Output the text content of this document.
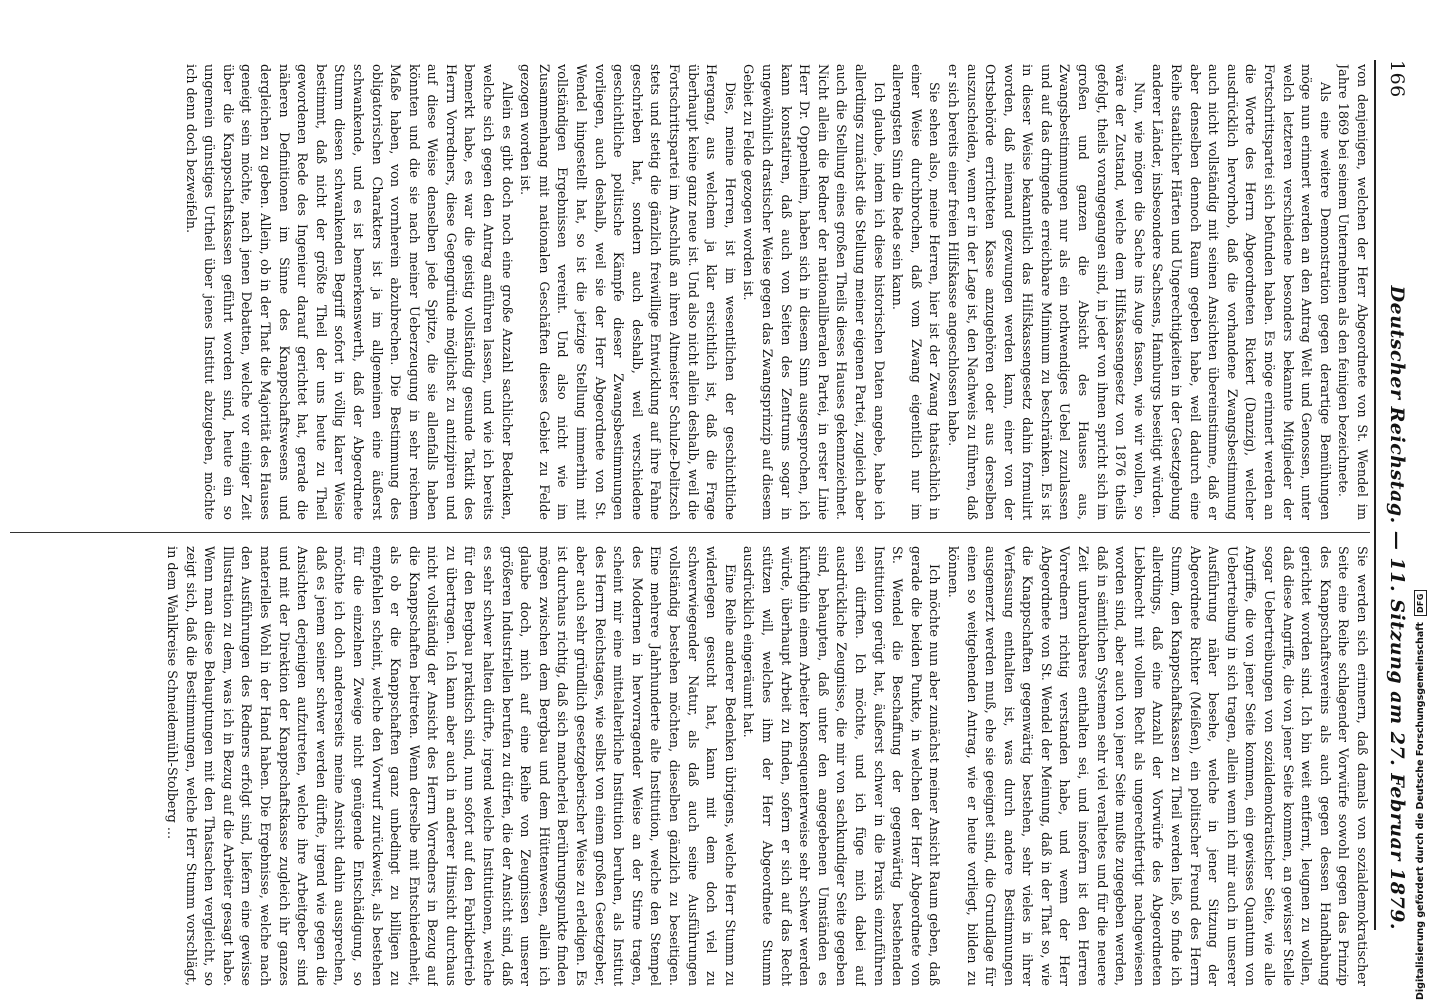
166
Deutscher Reichstag. — 11. Sitzung am 27. Februar 1879.

von denjenigen, welchen der Herr Abgeordnete von St. Wendel im Jahre 1869 bei seinem Unternehmen als den feinigen bezeichnete.

Als eine weitere Demonstration gegen derartige Bemühungen möge nun erinnert werden an den Antrag Welt und Genossen, unter welch letzteren verschiedene besonders bekannte Mitglieder der Fortschrittspartei sich befunden haben. Es möge erinnert werden an die Worte des Herrn Abgeordneten Rickert (Danzig), welcher ausdrücklich hervorhob, daß die vorhandene Zwangsbestimmung auch nicht vollständig mit seinen Ansichten übereinstimme, daß er aber denselben dennoch Raum gegeben habe, weil dadurch eine Reihe staatlicher Härten und Ungerechtigkeiten in der Gesetzgebung anderer Länder, insbesondere Sachsens, Hamburgs beseitigt würden.

Nun, wie mögen die Sache ins Auge fassen, wie wir wollen, so wäre der Zustand, welche dem Hilfskassengesetz von 1876 theils gefolgt, theils vorangegangen sind, in jeder von ihnen spricht sich im großen und ganzen die Absicht des Hauses aus, Zwangsbestimmungen nur als ein nothwendiges Uebel zuzulassen und auf das dringende erreichbare Minimum zu beschränken. Es ist in dieser Weise bekanntlich das Hilfskassengesetz dahin formulirt worden, daß niemand gezwungen werden kann, einer von der Ortsbehörde errichteten Kasse anzugehören oder aus derselben auszuscheiden, wenn er in der Lage ist, den Nachweis zu führen, daß er sich bereits einer freien Hilfskasse angeschlossen habe.

Sie sehen also, meine Herren, hier ist der Zwang thatsächlich in einer Weise durchbrochen, daß vom Zwang eigentlich nur im allerengsten Sinn die Rede sein kann.

Ich glaube, indem ich diese historischen Daten angebe, habe ich allerdings zunächst die Stellung meiner eigenen Partei, zugleich aber auch die Stellung eines großen Theils dieses Hauses gekennzeichnet. Nicht allein die Redner der nationalliberalen Partei, in erster Linie Herr Dr. Oppenheim, haben sich in diesem Sinn ausgesprochen, ich kann konstatiren, daß auch von Seiten des Zentrums sogar in ungewöhnlich drastischer Weise gegen das Zwangsprinzip auf diesem Gebiet zu Felde gezogen worden ist.

Dies, meine Herren, ist im wesentlichen der geschichtliche Hergang, aus welchem ja klar ersichtlich ist, daß die Frage überhaupt keine ganz neue ist. Und also nicht allein deshalb, weil die Fortschrittspartei im Anschluß an ihren Altmeister Schulze-Delitzsch stets und stetig die gänzlich freiwillige Entwicklung auf ihre Fahne geschrieben hat, sondern auch deshalb, weil verschiedene geschichtliche politische Kämpfe dieser Zwangsbestimmungen vorliegen, auch deshalb, weil sie der Herr Abgeordnete von St. Wendel hingestellt hat, so ist die jetzige Stellung immerhin mit vollständigen Ergebnissen vereint. Und also nicht wie im Zusammenhang mit nationalen Geschäften dieses Gebiet zu Felde gezogen worden ist.

Allein es gibt doch noch eine große Anzahl sachlicher Bedenken, welche sich gegen den Antrag anführen lassen, und wie ich bereits bemerkt habe, es war die geistig vollständig gesunde Taktik des Herrn Vorredners, diese Gegengründe möglichst zu antizipiren und auf diese Weise denselben jede Spitze, die sie allenfalls haben könnten und die sie nach meiner Ueberzeugung in sehr reichem Maße haben, von vornherein abzubrechen. Die Bestimmung des obligatorischen Charakters ist ja im allgemeinen eine äußerst schwankende, und es ist bemerkenswerth, daß der Abgeordnete Stumm diesen schwankenden Begriff sofort in völlig klarer Weise bestimmt, daß nicht der größte Theil der uns heute zu Theil gewordenen Rede des Ingenieur darauf gerichtet hat, gerade die näheren Definitionen im Sinne des Knappschaftswesens und dergleichen zu geben. Allein, ob in der That die Majorität des Hauses geneigt sein möchte, nach jenen Debatten, welche vor einiger Zeit über die Knappschaftskassen geführt worden sind, heute ein so ungemein günstiges Urtheil über jenes Institut abzugeben, möchte ich denn doch bezweifeln.

Sie werden sich erinnern, daß damals von sozialdemokratischer Seite eine Reihe schlagender Vorwürfe sowohl gegen das Prinzip des Knappschaftsvereins als auch gegen dessen Handhabung gerichtet worden sind. Ich bin weit entfernt, leugnen zu wollen, daß diese Angriffe, die von jener Seite kommen, an gewisser Stelle sogar Uebertreibungen von sozialdemokratischer Seite, wie alle Angriffe, die von jener Seite kommen, ein gewisses Quantum von Uebertreibung in sich tragen, allein wenn ich mir auch in unserer Ausführung näher besehe, welche in jener Sitzung der Abgeordnete Richter (Meißen), ein politischer Freund des Herrn Stumm, den Knappschaftskassen zu Theil werden ließ, so finde ich allerdings, daß eine Anzahl der Vorwürfe des Abgeordneten Liebknecht mit vollem Recht als ungerechtfertigt nachgewiesen worden sind, aber auch von jener Seite mußte zugegeben werden, daß in sämtlichen Systemen sehr viel veraltetes und für die neuere Zeit unbrauchbares enthalten sei, und insofern ist den Herren Vorrednern richtig verstanden habe, und wenn der Herr Abgeordnete von St. Wendel der Meinung, daß in der That so, wie die Knappschaften gegenwärtig bestehen, sehr vieles in ihrer Verfassung enthalten ist, was durch andere Bestimmungen ausgemerzt werden muß, ehe sie geeignet sind, die Grundlage für einen so weitgehenden Antrag, wie er heute vorliegt, bilden zu können.

Ich möchte nun aber zunächst meiner Ansicht Raum geben, daß gerade die beiden Punkte, in welchen der Herr Abgeordnete von St. Wendel die Beschaffung der gegenwärtig bestehenden Institution gerügt hat, äußerst schwer in die Praxis einzuführen sein dürften. Ich möchte, und ich füge mich dabei auf ausdrückliche Zeugnisse, die mir von sachkundiger Seite gegeben sind, behaupten, daß unter den angegebenen Umständen es künftighin einem Arbeiter konsequenterweise sehr schwer werden würde, überhaupt Arbeit zu finden, sofern er sich auf das Recht stützen will, welches ihm der Herr Abgeordnete Stumm ausdrücklich eingeräumt hat.

Eine Reihe anderer Bedenken übrigens, welche Herr Stumm zu widerlegen gesucht hat, kann mit dem doch viel zu schwerwiegender Natur, als daß auch seine Ausführungen vollständig bestehen möchten, dieselben gänzlich zu beseitigen. Eine mehrere Jahrhunderte alte Institution, welche den Stempel des Modernen in hervorragender Weise an der Stirne tragen, scheint mir eine mittelalterliche Institution beruhen, als Institut des Herrn Reichstages, wie selbst von einem großen Gesetzgeber, aber auch sehr gründlich gesetzgeberischer Weise zu erledigen. Es ist durchaus richtig, daß sich mancherlei Berührungspunkte finden mögen zwischen dem Bergbau und dem Hüttenwesen, allein ich glaube doch, mich auf eine Reihe von Zeugnissen unserer größeren Industriellen berufen zu dürfen, die der Ansicht sind, daß es sehr schwer halten dürfte, irgend welche Institutionen, welche für den Bergbau praktisch sind, nun sofort auf den Fabrikbetrieb zu übertragen. Ich kann aber auch in anderer Hinsicht durchaus nicht vollständig der Ansicht des Herrn Vorredners in Bezug auf die Knappschaften beitreten. Wenn derselbe mit Entschiedenheit, als ob er die Knappschaften ganz unbedingt zu billigen zu empfehlen scheint, welche den Vorwurf zurückweist, als bestehen für die einzelnen Zweige nicht genügende Entschädigung, so möchte ich doch andererseits meine Ansicht dahin aussprechen, daß es jenem seiner schwer werden dürfte, irgend wie gegen die Ansichten derjenigen aufzutreten, welche ihre Arbeitgeber sind und mit der Direktion der Knappschaftskasse zugleich ihr ganzes materielles Wohl in der Hand haben. Die Ergebnisse, welche nach den Ausführungen des Redners erfolgt sind, liefern eine gewisse Illustration zu dem, was ich in Bezug auf die Arbeiter gesagt habe. Wenn man diese Behauptungen mit den Thatsachen vergleicht, so zeigt sich, daß die Bestimmungen, welche Herr Stumm vorschlägt, in dem Wahlkreise Schneidemühl-Stolberg ...	Digitalisierung gefördert durch die Deutsche Forschungsgemeinschaft
DFG
